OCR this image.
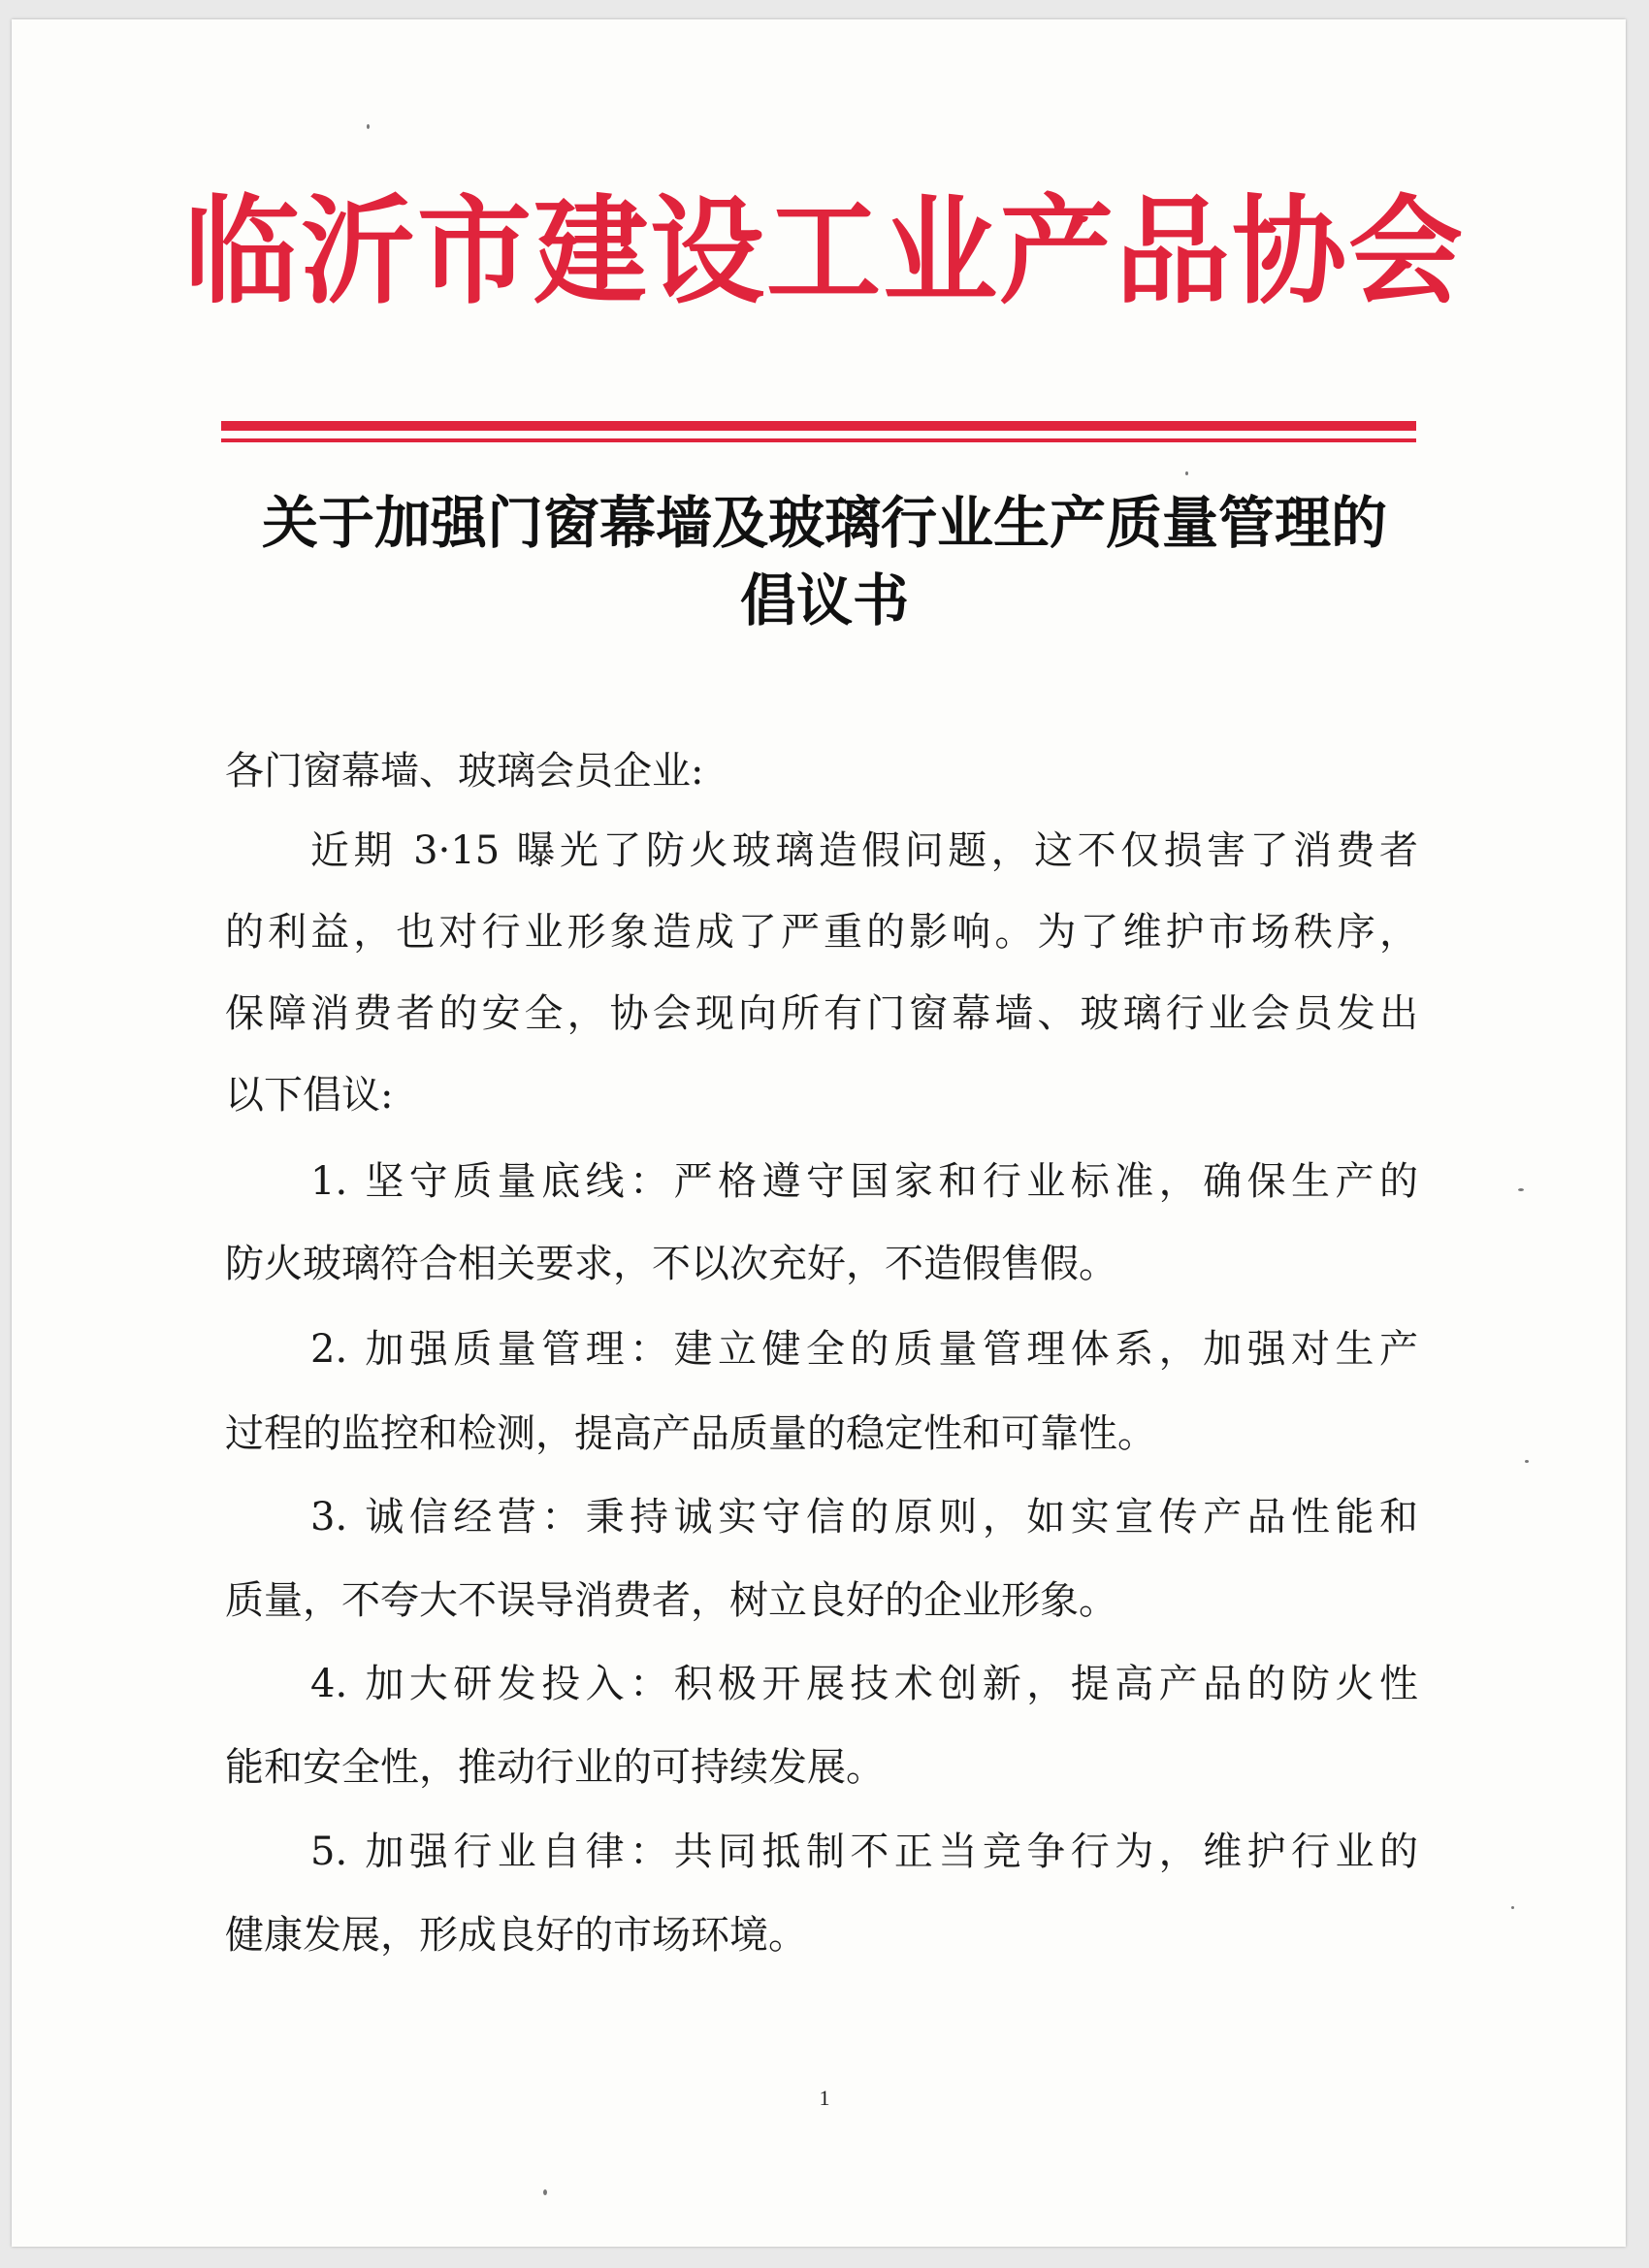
临沂市建设工业产品协会
关于加强门窗幕墙及玻璃行业生产质量管理的
倡议书
各门窗幕墙、玻璃会员企业:
近期 3·15 曝光了防火玻璃造假问题，这不仅损害了消费者
的利益，也对行业形象造成了严重的影响。为了维护市场秩序，
保障消费者的安全，协会现向所有门窗幕墙、玻璃行业会员发出
以下倡议:
1. 坚守质量底线：严格遵守国家和行业标准，确保生产的
防火玻璃符合相关要求，不以次充好，不造假售假。
2. 加强质量管理：建立健全的质量管理体系，加强对生产
过程的监控和检测，提高产品质量的稳定性和可靠性。
3. 诚信经营：秉持诚实守信的原则，如实宣传产品性能和
质量，不夸大不误导消费者，树立良好的企业形象。
4. 加大研发投入：积极开展技术创新，提高产品的防火性
能和安全性，推动行业的可持续发展。
5. 加强行业自律：共同抵制不正当竞争行为，维护行业的
健康发展，形成良好的市场环境。
1
